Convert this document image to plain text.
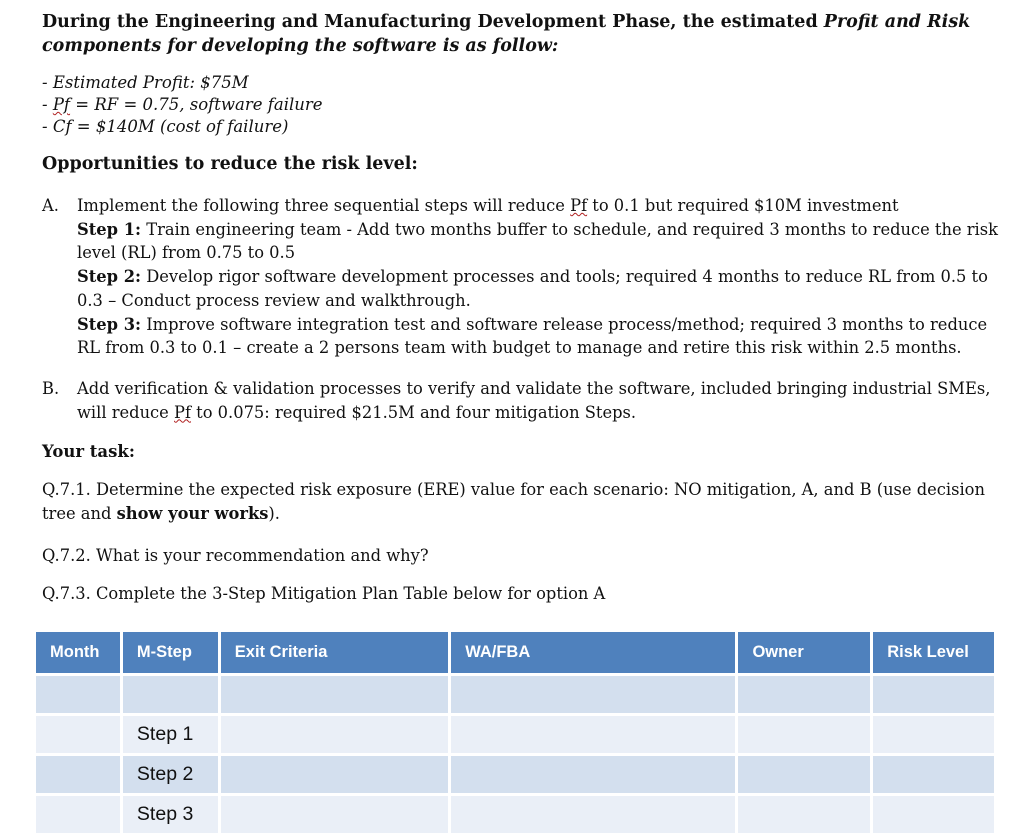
During the Engineering and Manufacturing Development Phase, the estimated Profit and Risk components for developing the software is as follow:
- Estimated Profit: $75M
- Pf = RF = 0.75, software failure
- Cf = $140M (cost of failure)
Opportunities to reduce the risk level:
A. Implement the following three sequential steps will reduce Pf to 0.1 but required $10M investment
Step 1: Train engineering team - Add two months buffer to schedule, and required 3 months to reduce the risk level (RL) from 0.75 to 0.5
Step 2: Develop rigor software development processes and tools; required 4 months to reduce RL from 0.5 to 0.3 – Conduct process review and walkthrough.
Step 3: Improve software integration test and software release process/method; required 3 months to reduce RL from 0.3 to 0.1 – create a 2 persons team with budget to manage and retire this risk within 2.5 months.
B. Add verification & validation processes to verify and validate the software, included bringing industrial SMEs, will reduce Pf to 0.075: required $21.5M and four mitigation Steps.
Your task:
Q.7.1. Determine the expected risk exposure (ERE) value for each scenario: NO mitigation, A, and B (use decision tree and show your works).
Q.7.2. What is your recommendation and why?
Q.7.3. Complete the 3-Step Mitigation Plan Table below for option A
Month	M-Step	Exit Criteria	WA/FBA	Owner	Risk Level

	Step 1				
	Step 2				
	Step 3				
